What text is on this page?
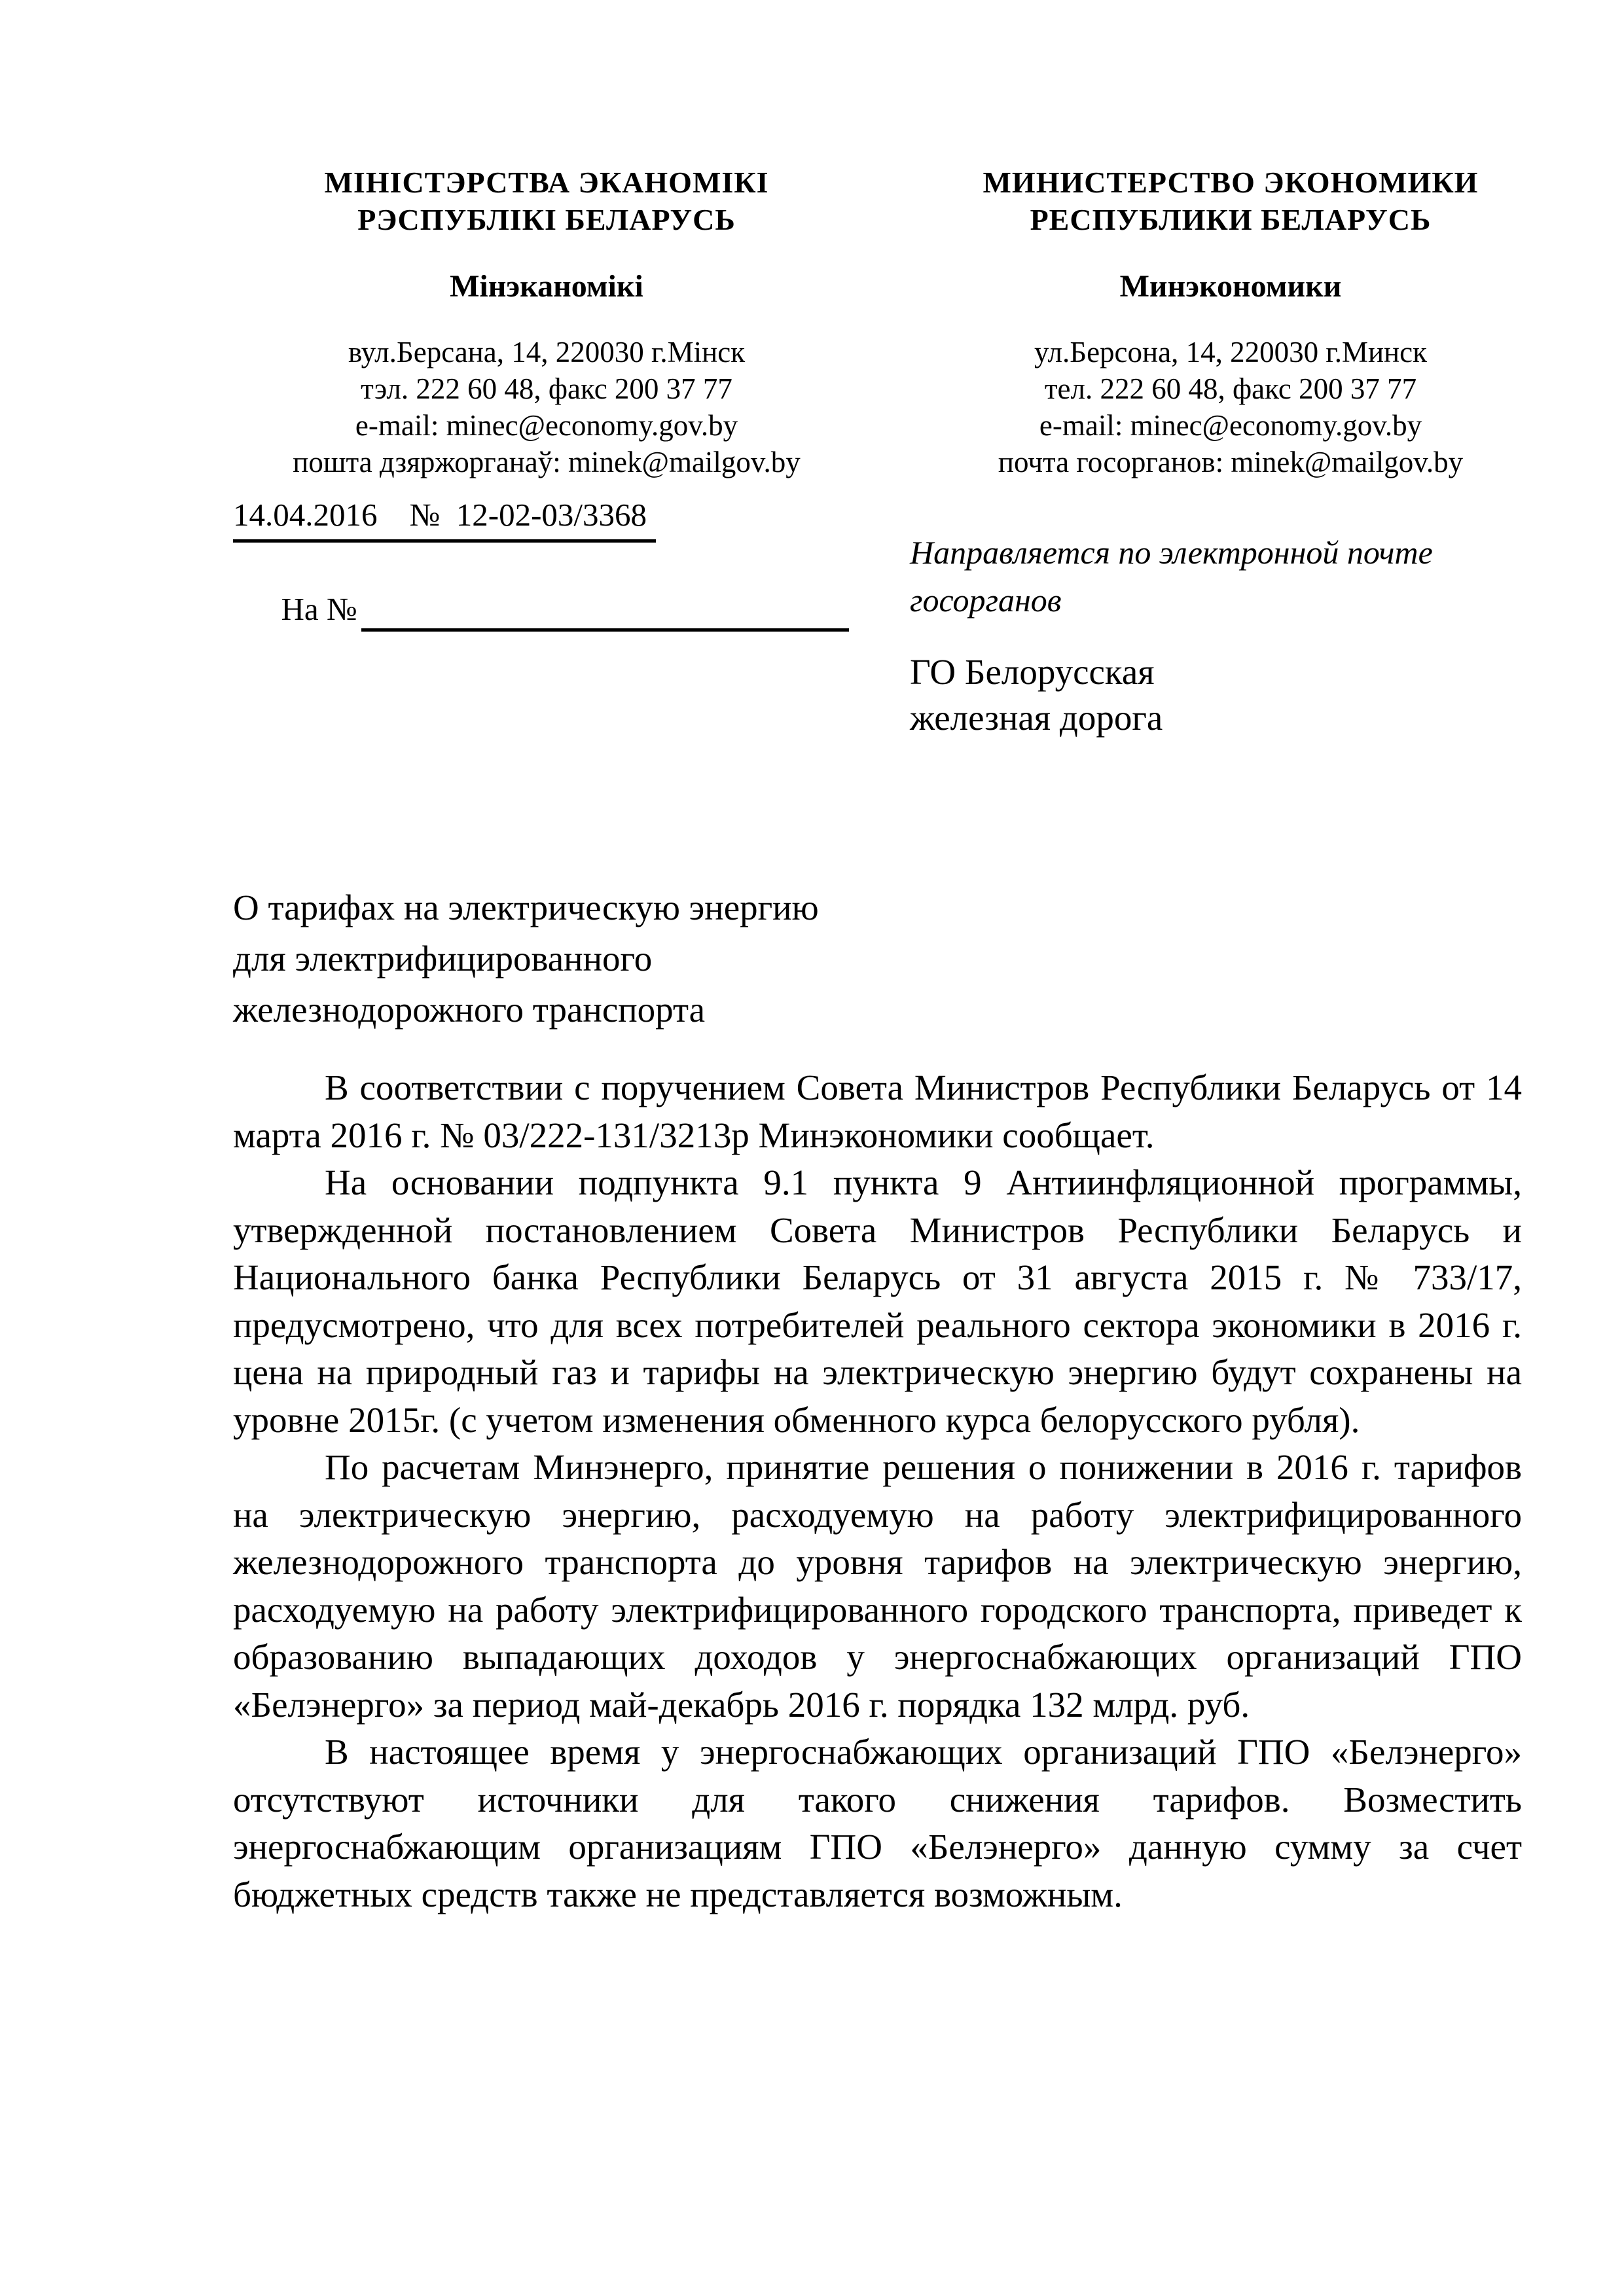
МІНІСТЭРСТВА ЭКАНОМІКІ
РЭСПУБЛІКІ БЕЛАРУСЬ
Мінэканомікі
вул.Берсана, 14, 220030 г.Мінск
тэл. 222 60 48, факс 200 37 77
e-mail: minec@economy.gov.by
пошта дзяржорганаў: minek@mailgov.by
МИНИСТЕРСТВО ЭКОНОМИКИ
РЕСПУБЛИКИ БЕЛАРУСЬ
Минэкономики
ул.Берсона, 14, 220030 г.Минск
тел. 222 60 48, факс 200 37 77
e-mail: minec@economy.gov.by
почта госорганов: minek@mailgov.by
14.04.2016    №  12-02-03/3368

На №

Направляется по электронной почте госорганов
ГО Белорусская
железная дорога
О тарифах на электрическую энергию
для электрифицированного
железнодорожного транспорта

В соответствии с поручением Совета Министров Республики Беларусь от 14 марта 2016 г. № 03/222-131/3213р Минэкономики сообщает.

На основании подпункта 9.1 пункта 9 Антиинфляционной программы, утвержденной постановлением Совета Министров Республики Беларусь и Национального банка Республики Беларусь от 31 августа 2015 г. № 733/17, предусмотрено, что для всех потребителей реального сектора экономики в 2016 г. цена на природный газ и тарифы на электрическую энергию будут сохранены на уровне 2015г. (с учетом изменения обменного курса белорусского рубля).

По расчетам Минэнерго, принятие решения о понижении в 2016 г. тарифов на электрическую энергию, расходуемую на работу электрифицированного железнодорожного транспорта до уровня тарифов на электрическую энергию, расходуемую на работу электрифицированного городского транспорта, приведет к образованию выпадающих доходов у энергоснабжающих организаций ГПО «Белэнерго» за период май-декабрь 2016 г. порядка 132 млрд. руб.

В настоящее время у энергоснабжающих организаций ГПО «Белэнерго» отсутствуют источники для такого снижения тарифов. Возместить энергоснабжающим организациям ГПО «Белэнерго» данную сумму за счет бюджетных средств также не представляется возможным.
